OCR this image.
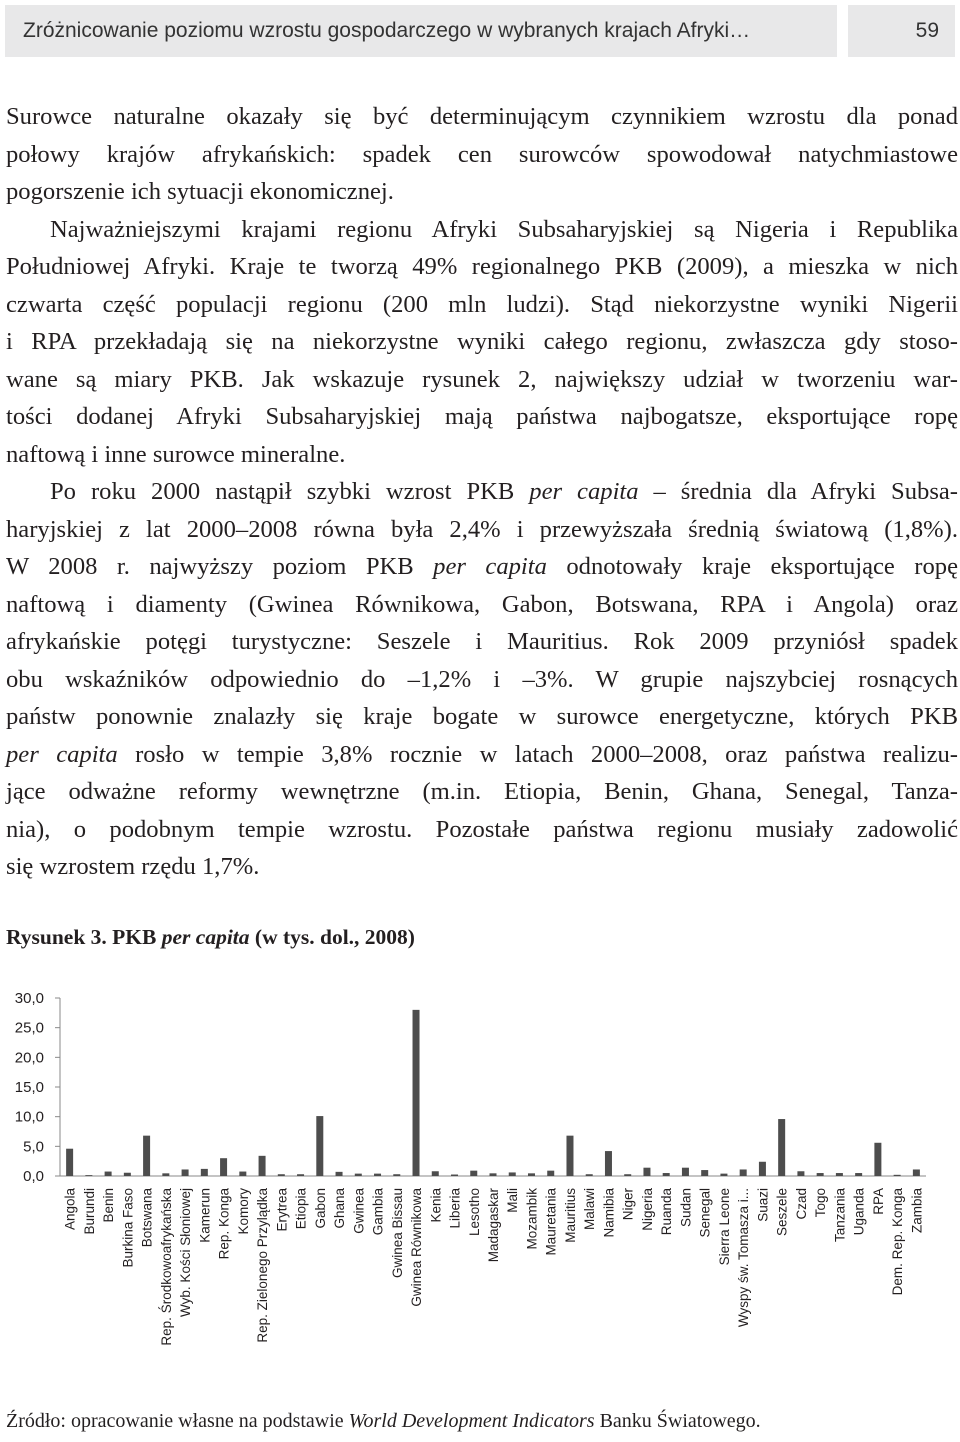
Zróżnicowanie poziomu wzrostu gospodarczego w wybranych krajach Afryki…	59
Surowce naturalne okazały się być determinującym czynnikiem wzrostu dla ponad
połowy krajów afrykańskich: spadek cen surowców spowodował natychmiastowe
pogorszenie ich sytuacji ekonomicznej.
Najważniejszymi krajami regionu Afryki Subsaharyjskiej są Nigeria i Republika
Południowej Afryki. Kraje te tworzą 49% regionalnego PKB (2009), a mieszka w nich
czwarta część populacji regionu (200 mln ludzi). Stąd niekorzystne wyniki Nigerii
i RPA przekładają się na niekorzystne wyniki całego regionu, zwłaszcza gdy stoso-
wane są miary PKB. Jak wskazuje rysunek 2, największy udział w tworzeniu war-
tości dodanej Afryki Subsaharyjskiej mają państwa najbogatsze, eksportujące ropę
naftową i inne surowce mineralne.
Po roku 2000 nastąpił szybki wzrost PKB per capita – średnia dla Afryki Subsa-
haryjskiej z lat 2000–2008 równa była 2,4% i przewyższała średnią światową (1,8%).
W 2008 r. najwyższy poziom PKB per capita odnotowały kraje eksportujące ropę
naftową i diamenty (Gwinea Równikowa, Gabon, Botswana, RPA i Angola) oraz
afrykańskie potęgi turystyczne: Seszele i Mauritius. Rok 2009 przyniósł spadek
obu wskaźników odpowiednio do –1,2% i –3%. W grupie najszybciej rosnących
państw ponownie znalazły się kraje bogate w surowce energetyczne, których PKB
per capita rosło w tempie 3,8% rocznie w latach 2000–2008, oraz państwa realizu-
jące odważne reformy wewnętrzne (m.in. Etiopia, Benin, Ghana, Senegal, Tanza-
nia), o podobnym tempie wzrostu. Pozostałe państwa regionu musiały zadowolić
się wzrostem rzędu 1,7%.
Rysunek 3. PKB per capita (w tys. dol., 2008)
0,0
5,0
10,0
15,0
20,0
25,0
30,0
Angola Burundi Benin Burkina Faso Botswana Rep. Środkowoafrykańska Wyb. Kości Słoniowej Kamerun Rep. Konga Komory Rep. Zielonego Przylądka Erytrea Etiopia Gabon Ghana Gwinea Gambia Gwinea Bissau Gwinea Równikowa Kenia Liberia Lesotho Madagaskar Mali Mozambik Mauretania Mauritius Malawi Namibia Niger Nigeria Ruanda Sudan Senegal Sierra Leone Wyspy św. Tomasza i... Suazi Seszele Czad Togo Tanzania Uganda RPA Dem. Rep. Konga Zambia
Źródło: opracowanie własne na podstawie World Development Indicators Banku Światowego.
